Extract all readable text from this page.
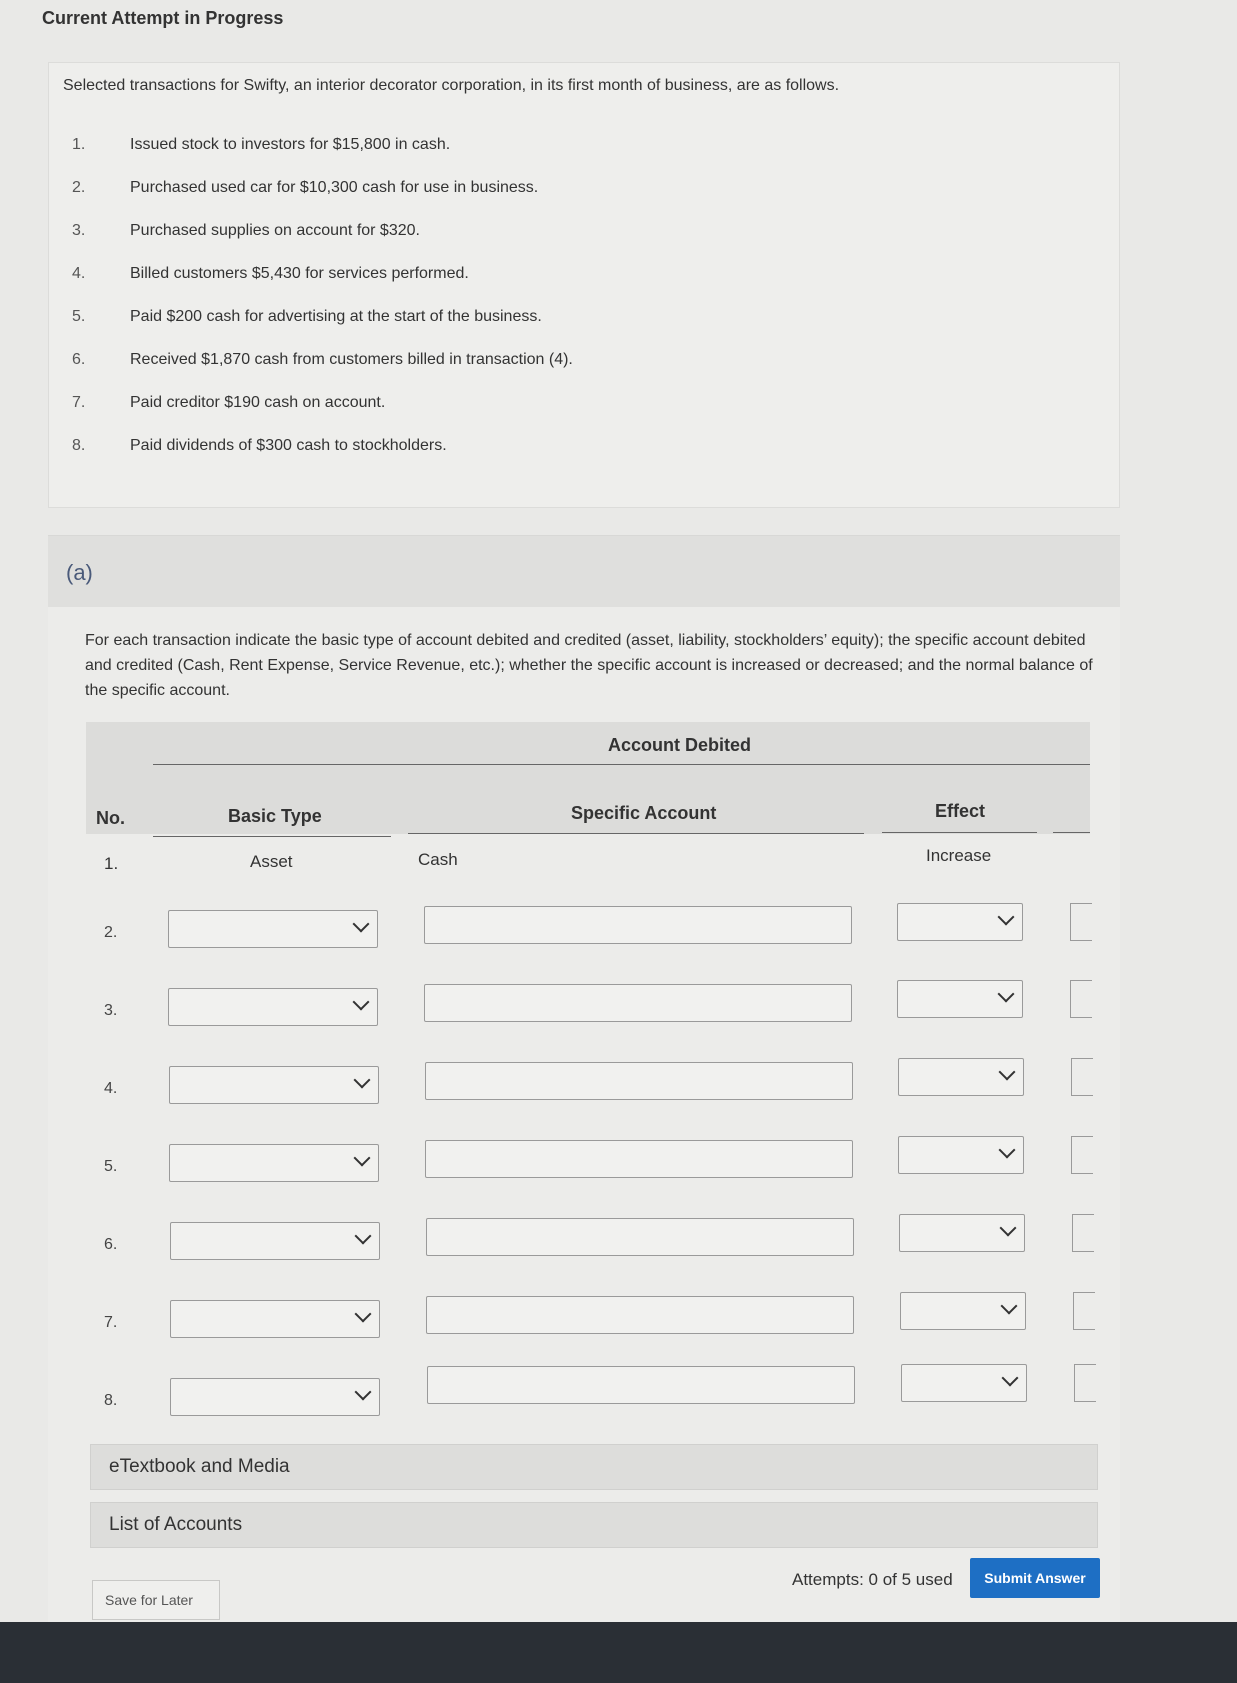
Current Attempt in Progress
Selected transactions for Swifty, an interior decorator corporation, in its first month of business, are as follows.
1.	Issued stock to investors for $15,800 in cash.
2.	Purchased used car for $10,300 cash for use in business.
3.	Purchased supplies on account for $320.
4.	Billed customers $5,430 for services performed.
5.	Paid $200 cash for advertising at the start of the business.
6.	Received $1,870 cash from customers billed in transaction (4).
7.	Paid creditor $190 cash on account.
8.	Paid dividends of $300 cash to stockholders.
(a)
For each transaction indicate the basic type of account debited and credited (asset, liability, stockholders’ equity); the specific account debited and credited (Cash, Rent Expense, Service Revenue, etc.); whether the specific account is increased or decreased; and the normal balance of the specific account.
Account Debited
No.	Basic Type	Specific Account	Effect
1.	Asset	Cash	Increase
2.
3.
4.
5.
6.
7.
8.
eTextbook and Media
List of Accounts
Attempts: 0 of 5 used	Submit Answer
Save for Later
